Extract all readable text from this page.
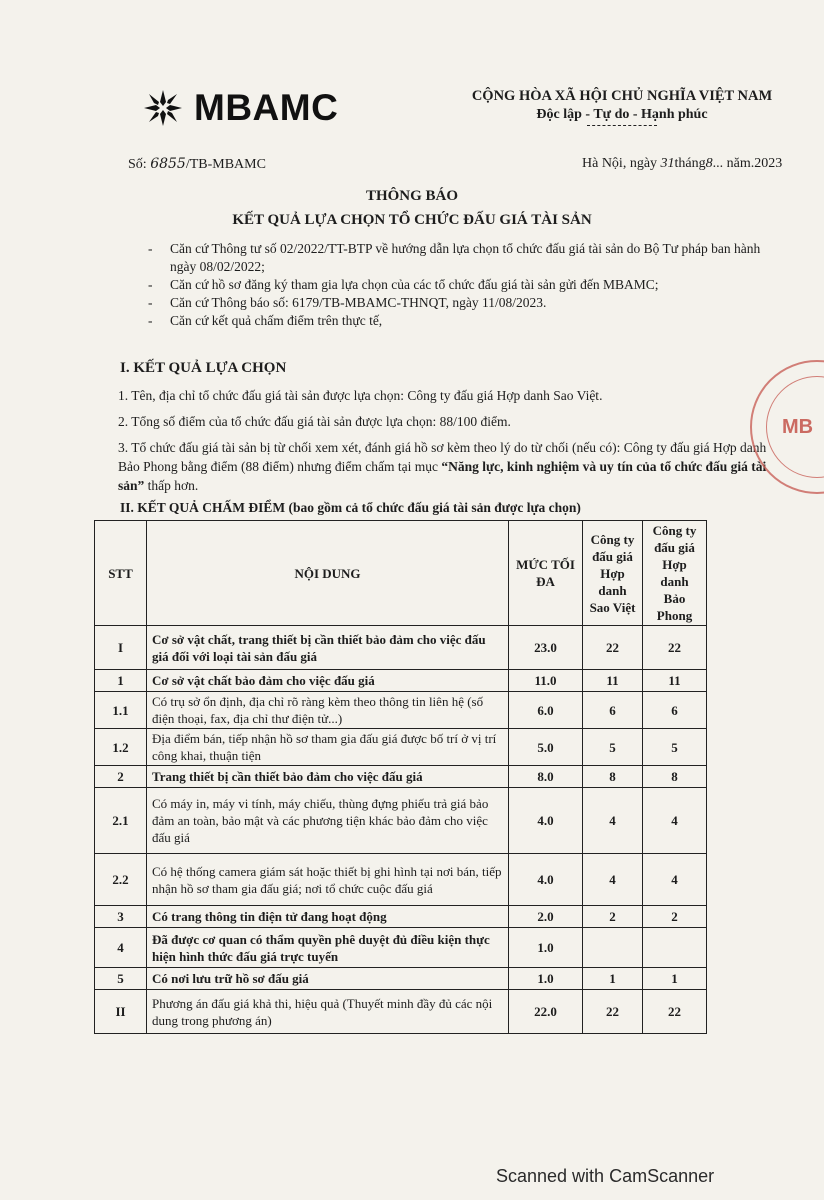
MBAMC	CỘNG HÒA XÃ HỘI CHỦ NGHĨA VIỆT NAM
Độc lập - Tự do - Hạnh phúc
Số: 6855/TB-MBAMC	Hà Nội, ngày 31tháng8... năm.2023
THÔNG BÁO
KẾT QUẢ LỰA CHỌN TỔ CHỨC ĐẤU GIÁ TÀI SẢN
-	Căn cứ Thông tư số 02/2022/TT-BTP về hướng dẫn lựa chọn tổ chức đấu giá tài sản do Bộ Tư pháp ban hành ngày 08/02/2022;
-	Căn cứ hồ sơ đăng ký tham gia lựa chọn của các tổ chức đấu giá tài sản gửi đến MBAMC;
-	Căn cứ Thông báo số: 6179/TB-MBAMC-THNQT, ngày 11/08/2023.
-	Căn cứ kết quả chấm điểm trên thực tế,
I. KẾT QUẢ LỰA CHỌN
1. Tên, địa chỉ tổ chức đấu giá tài sản được lựa chọn: Công ty đấu giá Hợp danh Sao Việt.
2. Tổng số điểm của tổ chức đấu giá tài sản được lựa chọn: 88/100 điểm.
3. Tổ chức đấu giá tài sản bị từ chối xem xét, đánh giá hồ sơ kèm theo lý do từ chối (nếu có): Công ty đấu giá Hợp danh Bảo Phong bằng điểm (88 điểm) nhưng điểm chấm tại mục “Năng lực, kinh nghiệm và uy tín của tổ chức đấu giá tài sản” thấp hơn.
II. KẾT QUẢ CHẤM ĐIỂM (bao gồm cả tổ chức đấu giá tài sản được lựa chọn)
STT	NỘI DUNG	MỨC TỐI ĐA	Công ty đấu giá Hợp danh Sao Việt	Công ty đấu giá Hợp danh Bảo Phong
I	Cơ sở vật chất, trang thiết bị cần thiết bảo đảm cho việc đấu giá đối với loại tài sản đấu giá	23.0	22	22
1	Cơ sở vật chất bảo đảm cho việc đấu giá	11.0	11	11
1.1	Có trụ sở ổn định, địa chỉ rõ ràng kèm theo thông tin liên hệ (số điện thoại, fax, địa chỉ thư điện tử...)	6.0	6	6
1.2	Địa điểm bán, tiếp nhận hồ sơ tham gia đấu giá được bố trí ở vị trí công khai, thuận tiện	5.0	5	5
2	Trang thiết bị cần thiết bảo đảm cho việc đấu giá	8.0	8	8
2.1	Có máy in, máy vi tính, máy chiếu, thùng đựng phiếu trả giá bảo đảm an toàn, bảo mật và các phương tiện khác bảo đảm cho việc đấu giá	4.0	4	4
2.2	Có hệ thống camera giám sát hoặc thiết bị ghi hình tại nơi bán, tiếp nhận hồ sơ tham gia đấu giá; nơi tổ chức cuộc đấu giá	4.0	4	4
3	Có trang thông tin điện tử đang hoạt động	2.0	2	2
4	Đã được cơ quan có thẩm quyền phê duyệt đủ điều kiện thực hiện hình thức đấu giá trực tuyến	1.0		
5	Có nơi lưu trữ hồ sơ đấu giá	1.0	1	1
II	Phương án đấu giá khả thi, hiệu quả (Thuyết minh đầy đủ các nội dung trong phương án)	22.0	22	22
MB
Scanned with CamScanner
